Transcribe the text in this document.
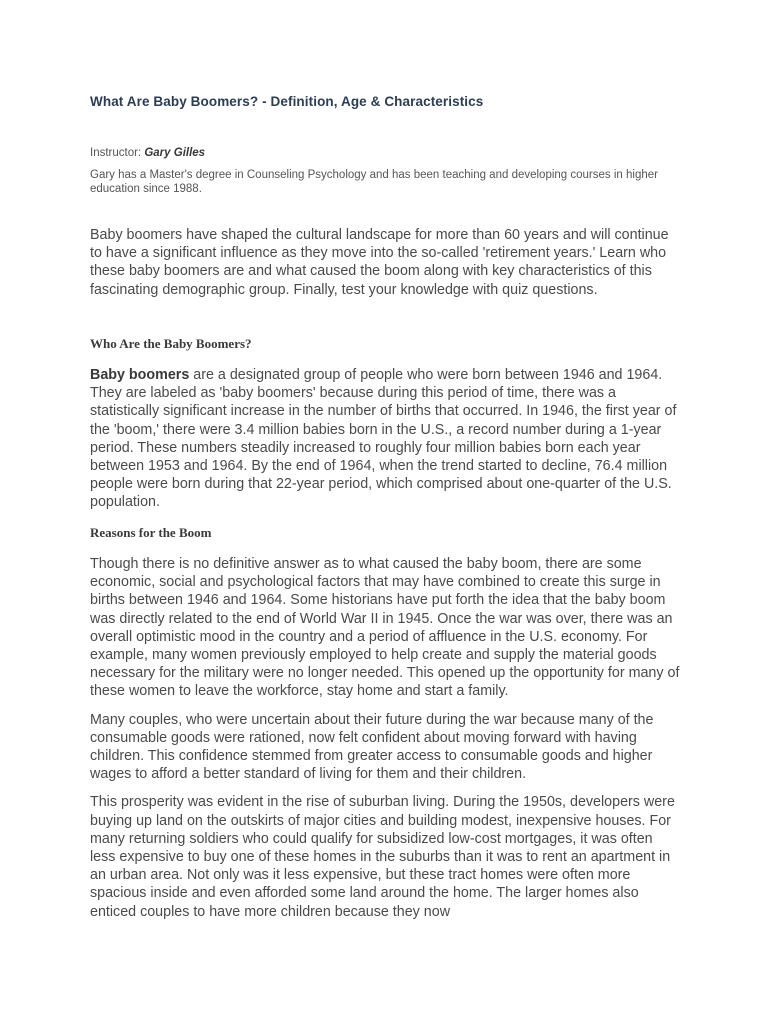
What Are Baby Boomers? - Definition, Age & Characteristics
Instructor: Gary Gilles

Gary has a Master's degree in Counseling Psychology and has been teaching and developing courses in higher education since 1988.

Baby boomers have shaped the cultural landscape for more than 60 years and will continue to have a significant influence as they move into the so-called 'retirement years.' Learn who these baby boomers are and what caused the boom along with key characteristics of this fascinating demographic group. Finally, test your knowledge with quiz questions.

Who Are the Baby Boomers?

Baby boomers are a designated group of people who were born between 1946 and 1964. They are labeled as 'baby boomers' because during this period of time, there was a statistically significant increase in the number of births that occurred. In 1946, the first year of the 'boom,' there were 3.4 million babies born in the U.S., a record number during a 1-year period. These numbers steadily increased to roughly four million babies born each year between 1953 and 1964. By the end of 1964, when the trend started to decline, 76.4 million people were born during that 22-year period, which comprised about one-quarter of the U.S. population.

Reasons for the Boom

Though there is no definitive answer as to what caused the baby boom, there are some economic, social and psychological factors that may have combined to create this surge in births between 1946 and 1964. Some historians have put forth the idea that the baby boom was directly related to the end of World War II in 1945. Once the war was over, there was an overall optimistic mood in the country and a period of affluence in the U.S. economy. For example, many women previously employed to help create and supply the material goods necessary for the military were no longer needed. This opened up the opportunity for many of these women to leave the workforce, stay home and start a family.

Many couples, who were uncertain about their future during the war because many of the consumable goods were rationed, now felt confident about moving forward with having children. This confidence stemmed from greater access to consumable goods and higher wages to afford a better standard of living for them and their children.

This prosperity was evident in the rise of suburban living. During the 1950s, developers were buying up land on the outskirts of major cities and building modest, inexpensive houses. For many returning soldiers who could qualify for subsidized low-cost mortgages, it was often less expensive to buy one of these homes in the suburbs than it was to rent an apartment in an urban area. Not only was it less expensive, but these tract homes were often more spacious inside and even afforded some land around the home. The larger homes also enticed couples to have more children because they now
